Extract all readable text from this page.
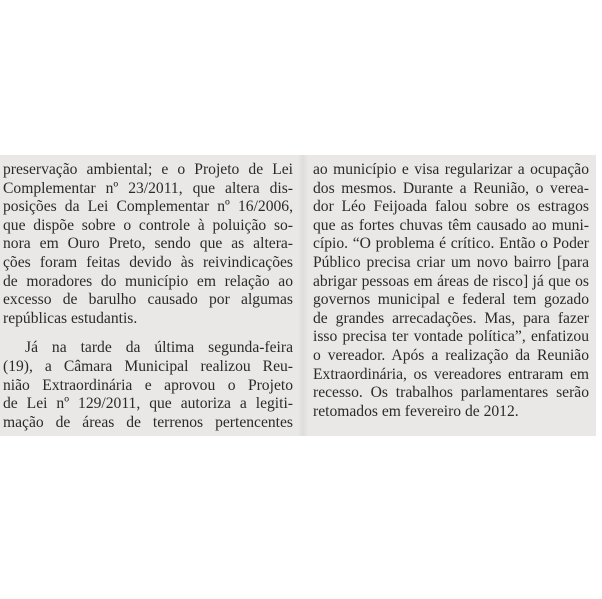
preservação ambiental; e o Projeto de Lei
Complementar nº 23/2011, que altera dis-
posições da Lei Complementar nº 16/2006,
que dispõe sobre o controle à poluição so-
nora em Ouro Preto, sendo que as altera-
ções foram feitas devido às reivindicações
de moradores do município em relação ao
excesso de barulho causado por algumas
repúblicas estudantis.
Já na tarde da última segunda-feira
(19), a Câmara Municipal realizou Reu-
nião Extraordinária e aprovou o Projeto
de Lei nº 129/2011, que autoriza a legiti-
mação de áreas de terrenos pertencentes
ao município e visa regularizar a ocupação
dos mesmos. Durante a Reunião, o verea-
dor Léo Feijoada falou sobre os estragos
que as fortes chuvas têm causado ao muni-
cípio. “O problema é crítico. Então o Poder
Público precisa criar um novo bairro [para
abrigar pessoas em áreas de risco] já que os
governos municipal e federal tem gozado
de grandes arrecadações. Mas, para fazer
isso precisa ter vontade política”, enfatizou
o vereador. Após a realização da Reunião
Extraordinária, os vereadores entraram em
recesso. Os trabalhos parlamentares serão
retomados em fevereiro de 2012.
